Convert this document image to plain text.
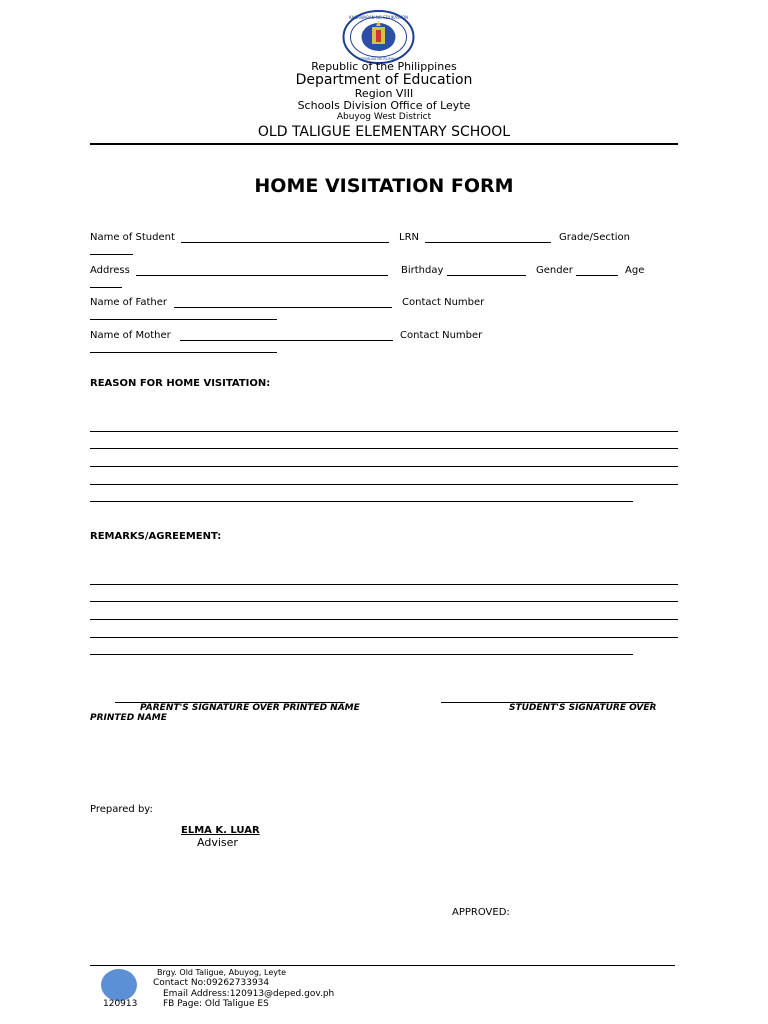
KAGAWARAN NG EDUKASYON
REPUBLIKA NG PILIPINAS
Republic of the Philippines
Department of Education
Region VIII
Schools Division Office of Leyte
Abuyog West District
OLD TALIGUE ELEMENTARY SCHOOL
HOME VISITATION FORM
Name of Student	LRN	Grade/Section
Address	Birthday	Gender	Age
Name of Father	Contact Number
Name of Mother	Contact Number
REASON FOR HOME VISITATION:
REMARKS/AGREEMENT:
PARENT'S SIGNATURE OVER PRINTED NAME	STUDENT'S SIGNATURE OVER
PRINTED NAME
Prepared by:
ELMA K. LUAR
Adviser
APPROVED:
120913
Brgy. Old Taligue, Abuyog, Leyte
Contact No:09262733934
Email Address:120913@deped.gov.ph
FB Page: Old Taligue ES
